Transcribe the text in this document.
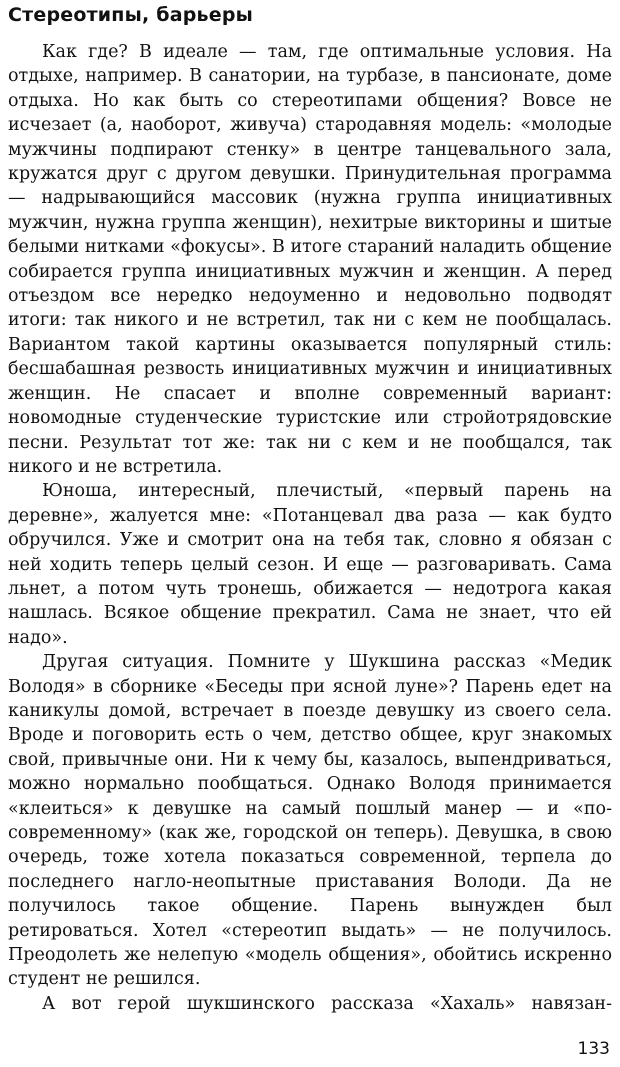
Стереотипы, барьеры

Как где? В идеале — там, где оптимальные условия. На отдыхе, например. В санатории, на турбазе, в пансионате, доме отдыха. Но как быть со стереотипами общения? Вовсе не исчезает (а, наоборот, живуча) стародавняя модель: «молодые мужчины подпирают стенку» в центре танцевального зала, кружатся друг с другом девушки. Принудительная программа — надрывающийся массовик (нужна группа инициативных мужчин, нужна группа женщин), нехитрые викторины и шитые белыми нитками «фокусы». В итоге стараний наладить общение собирается группа инициативных мужчин и женщин. А перед отъездом все нередко недоуменно и недовольно подводят итоги: так никого и не встретил, так ни с кем не пообщалась. Вариантом такой картины оказывается популярный стиль: бесшабашная резвость инициативных мужчин и инициативных женщин. Не спасает и вполне современный вариант: новомодные студенческие туристские или стройотрядовские песни. Результат тот же: так ни с кем и не пообщался, так никого и не встретила.

Юноша, интересный, плечистый, «первый парень на деревне», жалуется мне: «Потанцевал два раза — как будто обручился. Уже и смотрит она на тебя так, словно я обязан с ней ходить теперь целый сезон. И еще — разговаривать. Сама льнет, а потом чуть тронешь, обижается — недотрога какая нашлась. Всякое общение прекратил. Сама не знает, что ей надо».

Другая ситуация. Помните у Шукшина рассказ «Медик Володя» в сборнике «Беседы при ясной луне»? Парень едет на каникулы домой, встречает в поезде девушку из своего села. Вроде и поговорить есть о чем, детство общее, круг знакомых свой, привычные они. Ни к чему бы, казалось, выпендриваться, можно нормально пообщаться. Однако Володя принимается «клеиться» к девушке на самый пошлый манер — и «по-современному» (как же, городской он теперь). Девушка, в свою очередь, тоже хотела показаться современной, терпела до последнего нагло-неопытные приставания Володи. Да не получилось такое общение. Парень вынужден был ретироваться. Хотел «стереотип выдать» — не получилось. Преодолеть же нелепую «модель общения», обойтись искренно студент не решился.

А вот герой шукшинского рассказа «Хахаль» навязан-

133
